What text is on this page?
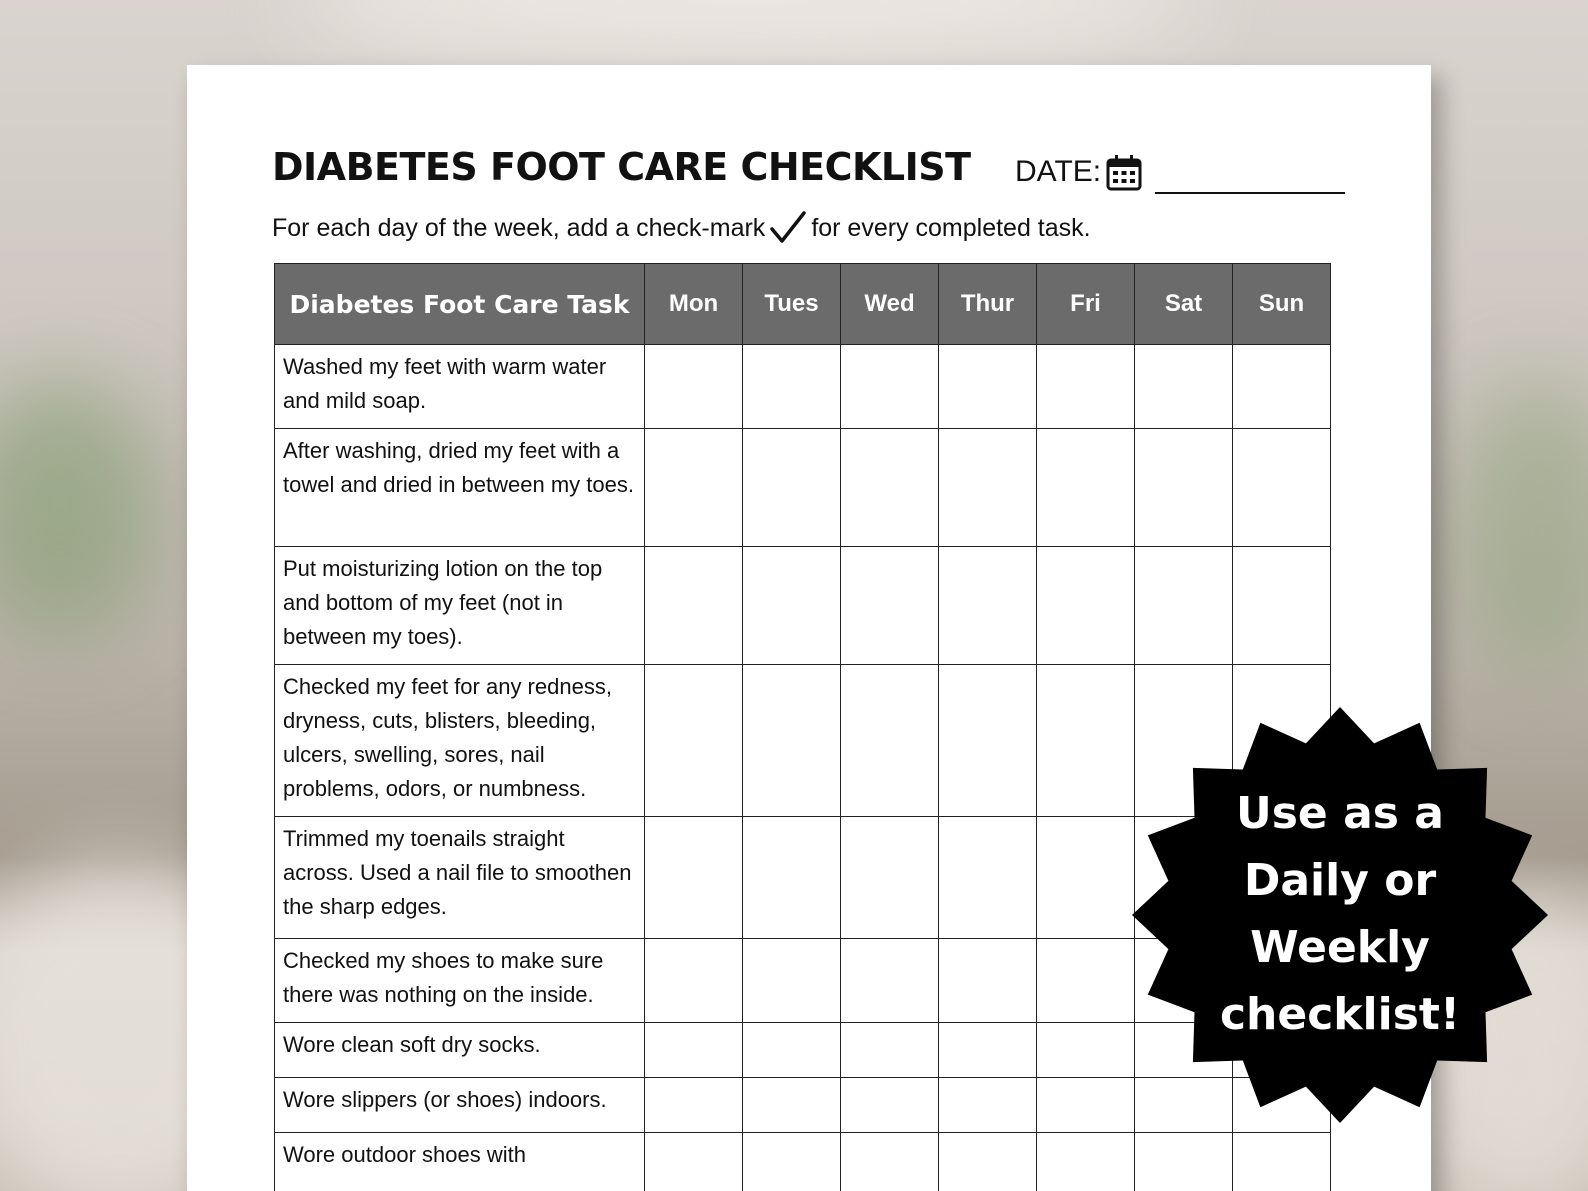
DIABETES FOOT CARE CHECKLIST DATE:
For each day of the week, add a check-mark for every completed task.
Diabetes Foot Care Task	Mon	Tues	Wed	Thur	Fri	Sat	Sun
Washed my feet with warm water and mild soap.							
After washing, dried my feet with a towel and dried in between my toes.							
Put moisturizing lotion on the top and bottom of my feet (not in between my toes).							
Checked my feet for any redness, dryness, cuts, blisters, bleeding, ulcers, swelling, sores, nail problems, odors, or numbness.							
Trimmed my toenails straight across. Used a nail file to smoothen the sharp edges.							
Checked my shoes to make sure there was nothing on the inside.							
Wore clean soft dry socks.							
Wore slippers (or shoes) indoors.							
Wore outdoor shoes with							
Use as a
Daily or
Weekly
checklist!
